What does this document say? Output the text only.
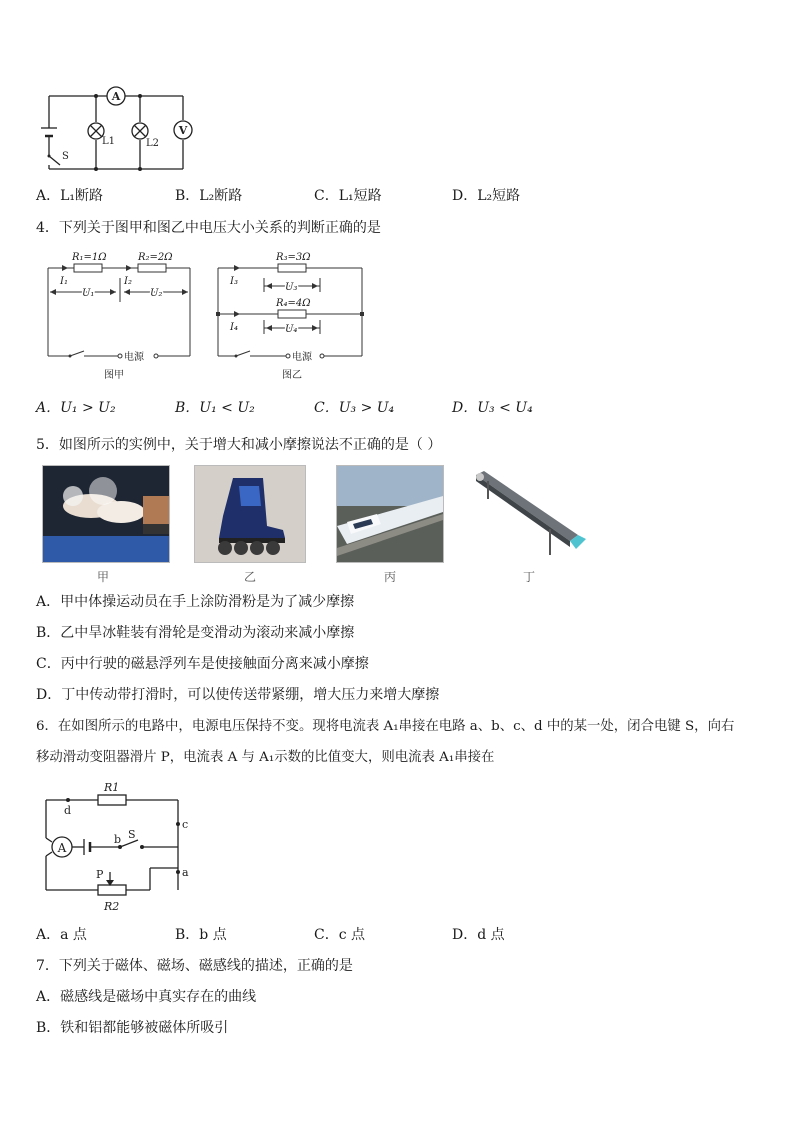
A
V
L1	L2
S
A．L₁断路	B．L₂断路	C．L₁短路	D．L₂短路
4．下列关于图甲和图乙中电压大小关系的判断正确的是
R₁=1Ω	R₂=2Ω
I₁	I₂
U₁	U₂
电源
图甲
R₃=3Ω
R₄=4Ω
I₃
I₄
U₃
U₄
电源
图乙
A．U₁ > U₂	B．U₁ < U₂	C．U₃ > U₄	D．U₃ < U₄
5．如图所示的实例中，关于增大和减小摩擦说法不正确的是（ ）
甲	乙	丙	丁
A．甲中体操运动员在手上涂防滑粉是为了减少摩擦
B．乙中旱冰鞋装有滑轮是变滑动为滚动来减小摩擦
C．丙中行驶的磁悬浮列车是使接触面分离来减小摩擦
D．丁中传动带打滑时，可以使传送带紧绷，增大压力来增大摩擦
6．在如图所示的电路中，电源电压保持不变。现将电流表 A₁串接在电路 a、b、c、d 中的某一处，闭合电键 S，向右
移动滑动变阻器滑片 P，电流表 A 与 A₁示数的比值变大，则电流表 A₁串接在
R1
R2
A
S
P	a
b
c
d
A．a 点	B．b 点	C．c 点	D．d 点
7．下列关于磁体、磁场、磁感线的描述，正确的是
A．磁感线是磁场中真实存在的曲线
B．铁和铝都能够被磁体所吸引
